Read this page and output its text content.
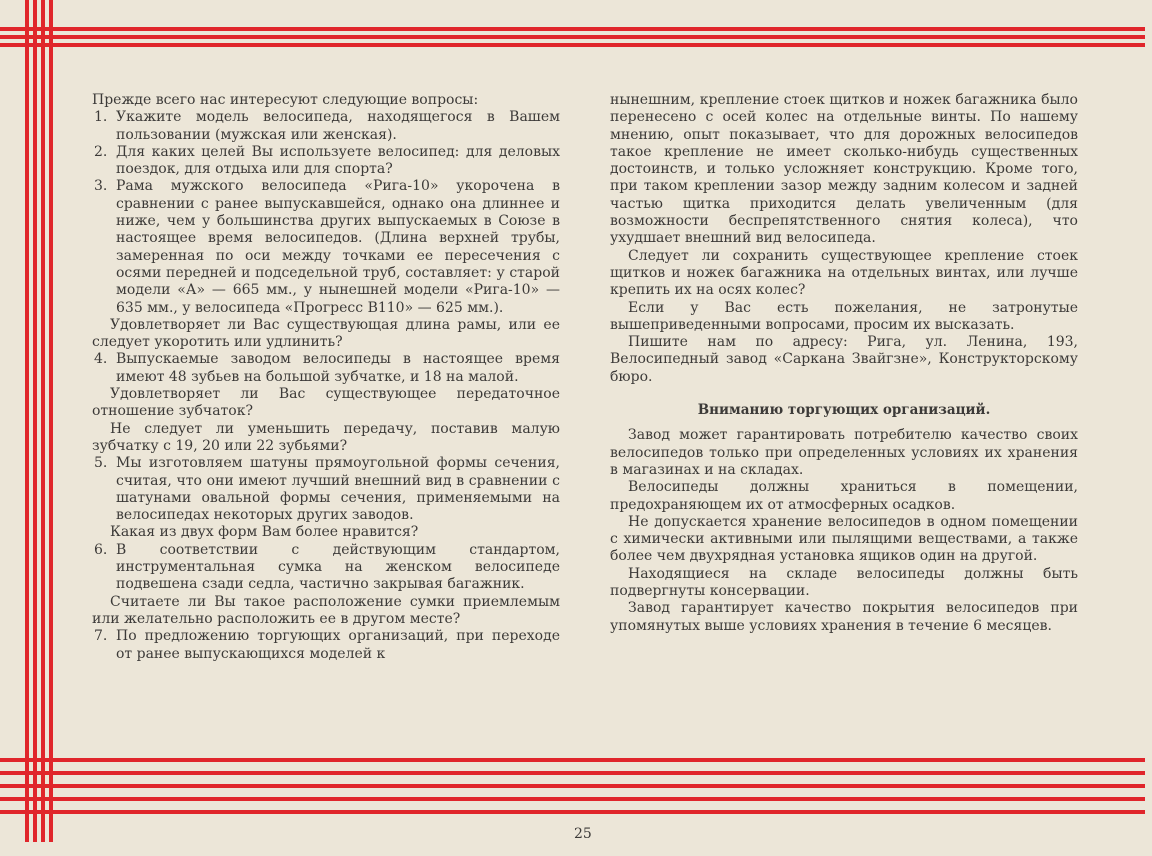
Прежде всего нас интересуют следующие вопросы:

1. Укажите модель велосипеда, находящегося в Вашем пользовании (мужская или женская).
2. Для каких целей Вы используете велосипед: для деловых поездок, для отдыха или для спорта?
3. Рама мужского велосипеда «Рига-10» укорочена в сравнении с ранее выпускавшейся, однако она длиннее и ниже, чем у большинства других выпускаемых в Союзе в настоящее время велосипедов. (Длина верхней трубы, замеренная по оси между точками ее пересечения с осями передней и подседельной труб, составляет: у старой модели «А» — 665 мм., у нынешней модели «Рига-10» — 635 мм., у велосипеда «Прогресс В110» — 625 мм.).

Удовлетворяет ли Вас существующая длина рамы, или ее следует укоротить или удлинить?

4. Выпускаемые заводом велосипеды в настоящее время имеют 48 зубьев на большой зубчатке, и 18 на малой.

Удовлетворяет ли Вас существующее передаточное отношение зубчаток?

Не следует ли уменьшить передачу, поставив малую зубчатку с 19, 20 или 22 зубьями?

5. Мы изготовляем шатуны прямоугольной формы сечения, считая, что они имеют лучший внешний вид в сравнении с шатунами овальной формы сечения, применяемыми на велосипедах некоторых других заводов.

Какая из двух форм Вам более нравится?

6. В соответствии с действующим стандартом, инструментальная сумка на женском велосипеде подвешена сзади седла, частично закрывая багажник.

Считаете ли Вы такое расположение сумки приемлемым или желательно расположить ее в другом месте?

7. По предложению торгующих организаций, при переходе от ранее выпускающихся моделей к

нынешним, крепление стоек щитков и ножек багажника было перенесено с осей колес на отдельные винты. По нашему мнению, опыт показывает, что для дорожных велосипедов такое крепление не имеет сколько-нибудь существенных достоинств, и только усложняет конструкцию. Кроме того, при таком креплении зазор между задним колесом и задней частью щитка приходится делать увеличенным (для возможности беспрепятственного снятия колеса), что ухудшает внешний вид велосипеда.

Следует ли сохранить существующее крепление стоек щитков и ножек багажника на отдельных винтах, или лучше крепить их на осях колес?

Если у Вас есть пожелания, не затронутые вышеприведенными вопросами, просим их высказать.

Пишите нам по адресу: Рига, ул. Ленина, 193, Велосипедный завод «Саркана Звайгзне», Конструкторскому бюро.

Вниманию торгующих организаций.

Завод может гарантировать потребителю качество своих велосипедов только при определенных условиях их хранения в магазинах и на складах.

Велосипеды должны храниться в помещении, предохраняющем их от атмосферных осадков.

Не допускается хранение велосипедов в одном помещении с химически активными или пылящими веществами, а также более чем двухрядная установка ящиков один на другой.

Находящиеся на складе велосипеды должны быть подвергнуты консервации.

Завод гарантирует качество покрытия велосипедов при упомянутых выше условиях хранения в течение 6 месяцев.

25
